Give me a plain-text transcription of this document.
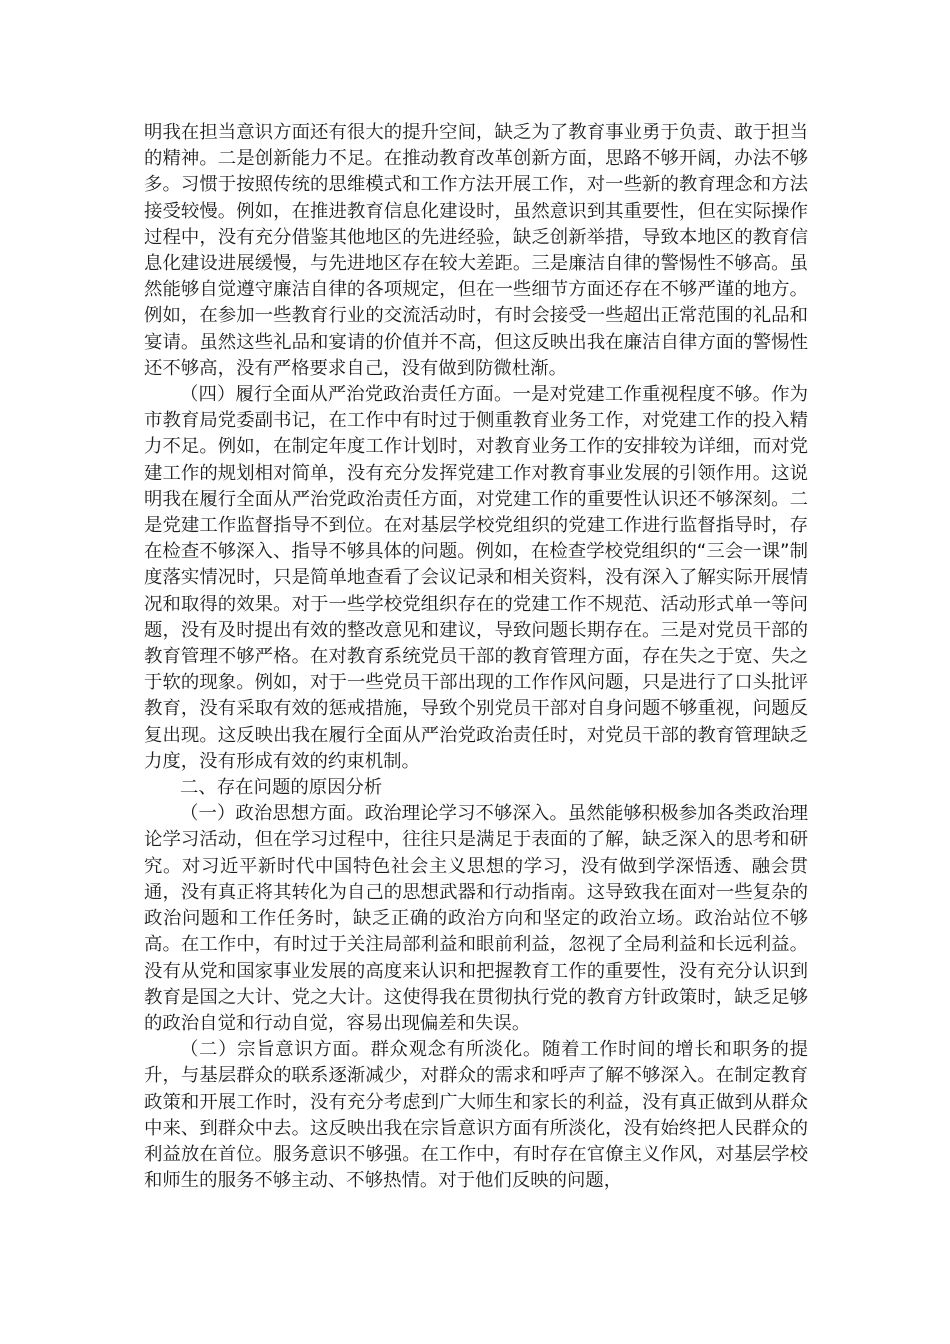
明我在担当意识方面还有很大的提升空间，缺乏为了教育事业勇于负责、敢于担当的精神。二是创新能力不足。在推动教育改革创新方面，思路不够开阔，办法不够多。习惯于按照传统的思维模式和工作方法开展工作，对一些新的教育理念和方法接受较慢。例如，在推进教育信息化建设时，虽然意识到其重要性，但在实际操作过程中，没有充分借鉴其他地区的先进经验，缺乏创新举措，导致本地区的教育信息化建设进展缓慢，与先进地区存在较大差距。三是廉洁自律的警惕性不够高。虽然能够自觉遵守廉洁自律的各项规定，但在一些细节方面还存在不够严谨的地方。例如，在参加一些教育行业的交流活动时，有时会接受一些超出正常范围的礼品和宴请。虽然这些礼品和宴请的价值并不高，但这反映出我在廉洁自律方面的警惕性还不够高，没有严格要求自己，没有做到防微杜渐。

（四）履行全面从严治党政治责任方面。一是对党建工作重视程度不够。作为市教育局党委副书记，在工作中有时过于侧重教育业务工作，对党建工作的投入精力不足。例如，在制定年度工作计划时，对教育业务工作的安排较为详细，而对党建工作的规划相对简单，没有充分发挥党建工作对教育事业发展的引领作用。这说明我在履行全面从严治党政治责任方面，对党建工作的重要性认识还不够深刻。二是党建工作监督指导不到位。在对基层学校党组织的党建工作进行监督指导时，存在检查不够深入、指导不够具体的问题。例如，在检查学校党组织的“三会一课”制度落实情况时，只是简单地查看了会议记录和相关资料，没有深入了解实际开展情况和取得的效果。对于一些学校党组织存在的党建工作不规范、活动形式单一等问题，没有及时提出有效的整改意见和建议，导致问题长期存在。三是对党员干部的教育管理不够严格。在对教育系统党员干部的教育管理方面，存在失之于宽、失之于软的现象。例如，对于一些党员干部出现的工作作风问题，只是进行了口头批评教育，没有采取有效的惩戒措施，导致个别党员干部对自身问题不够重视，问题反复出现。这反映出我在履行全面从严治党政治责任时，对党员干部的教育管理缺乏力度，没有形成有效的约束机制。

二、存在问题的原因分析

（一）政治思想方面。政治理论学习不够深入。虽然能够积极参加各类政治理论学习活动，但在学习过程中，往往只是满足于表面的了解，缺乏深入的思考和研究。对习近平新时代中国特色社会主义思想的学习，没有做到学深悟透、融会贯通，没有真正将其转化为自己的思想武器和行动指南。这导致我在面对一些复杂的政治问题和工作任务时，缺乏正确的政治方向和坚定的政治立场。政治站位不够高。在工作中，有时过于关注局部利益和眼前利益，忽视了全局利益和长远利益。没有从党和国家事业发展的高度来认识和把握教育工作的重要性，没有充分认识到教育是国之大计、党之大计。这使得我在贯彻执行党的教育方针政策时，缺乏足够的政治自觉和行动自觉，容易出现偏差和失误。

（二）宗旨意识方面。群众观念有所淡化。随着工作时间的增长和职务的提升，与基层群众的联系逐渐减少，对群众的需求和呼声了解不够深入。在制定教育政策和开展工作时，没有充分考虑到广大师生和家长的利益，没有真正做到从群众中来、到群众中去。这反映出我在宗旨意识方面有所淡化，没有始终把人民群众的利益放在首位。服务意识不够强。在工作中，有时存在官僚主义作风，对基层学校和师生的服务不够主动、不够热情。对于他们反映的问题，
